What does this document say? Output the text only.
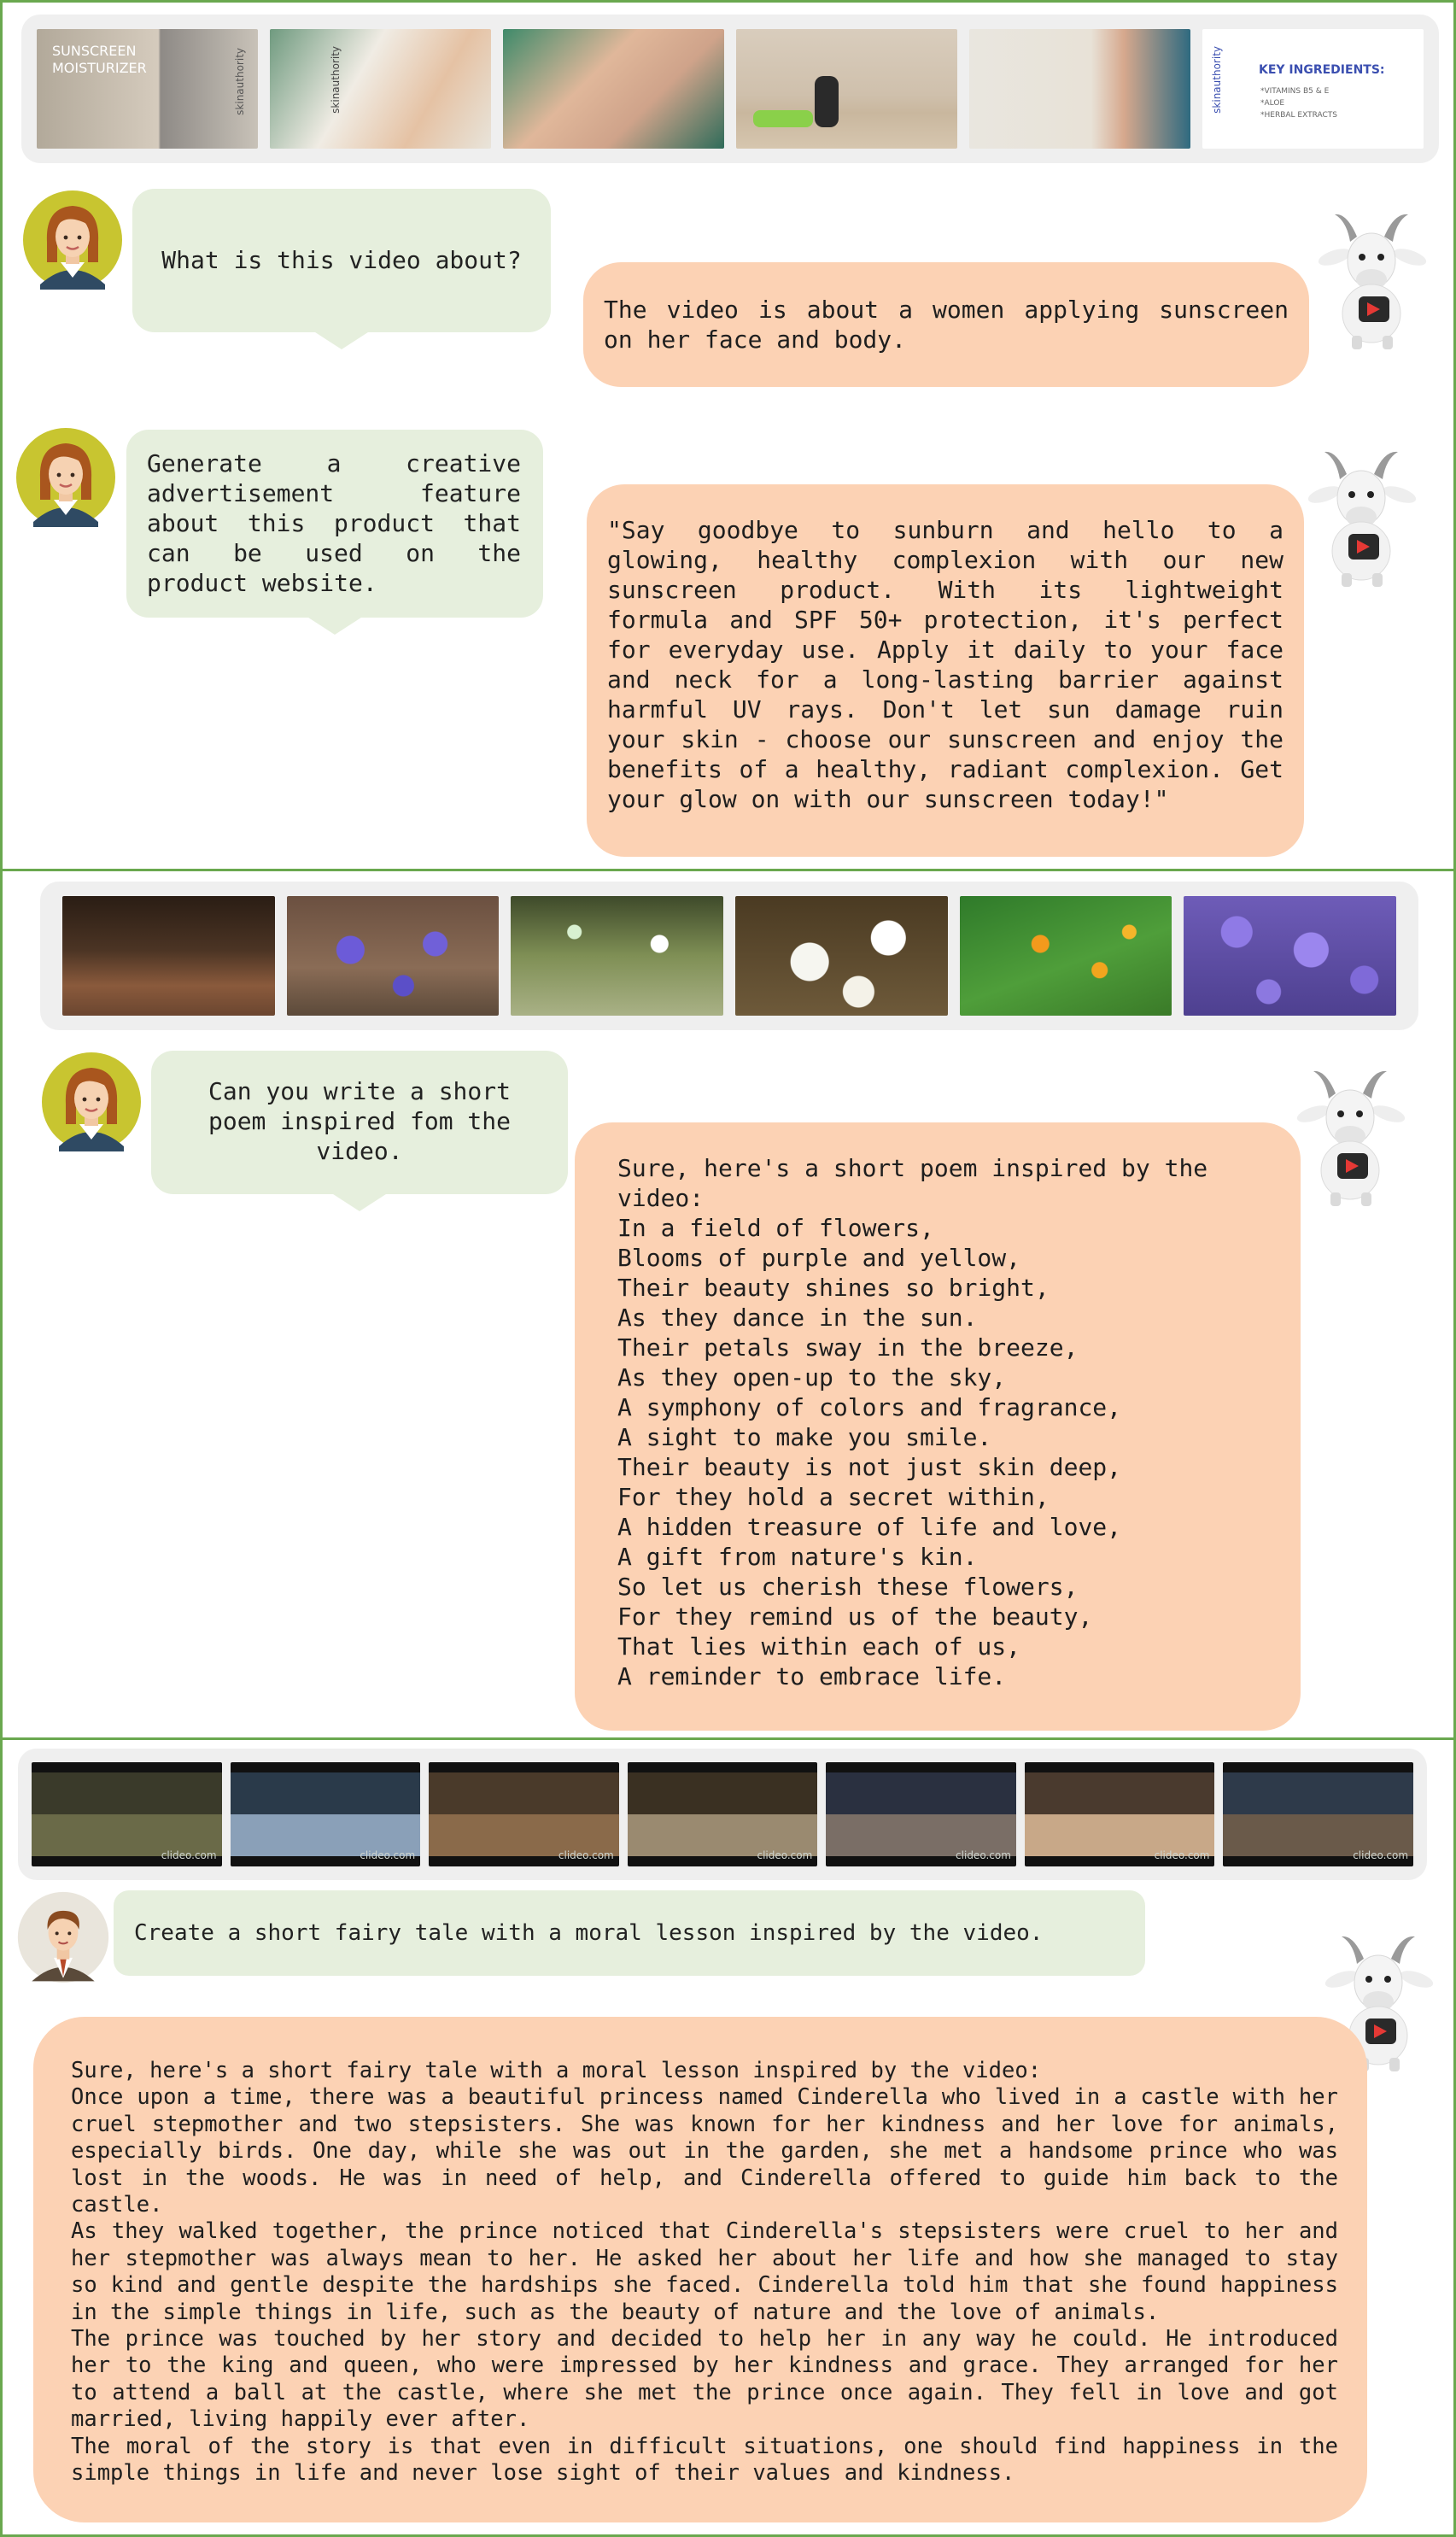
SUNSCREEN MOISTURIZER	skinauthority	skinauthority	skinauthority	KEY INGREDIENTS:
*VITAMINS B5 & E
*ALOE
*HERBAL EXTRACTS
What is this video about?
The video is about a women applying sunscreen on her face and body.
Generate a creative advertisement feature about this product that can be used on the product website.
"Say goodbye to sunburn and hello to a glowing, healthy complexion with our new sunscreen product. With its lightweight formula and SPF 50+ protection, it's perfect for everyday use. Apply it daily to your face and neck for a long-lasting barrier against harmful UV rays. Don't let sun damage ruin your skin - choose our sunscreen and enjoy the benefits of a healthy, radiant complexion. Get your glow on with our sunscreen today!"
Can you write a short poem inspired fom the video.
Sure, here's a short poem inspired by the
video:
In a field of flowers,
Blooms of purple and yellow,
Their beauty shines so bright,
As they dance in the sun.
Their petals sway in the breeze,
As they open-up to the sky,
A symphony of colors and fragrance,
A sight to make you smile.
Their beauty is not just skin deep,
For they hold a secret within,
A hidden treasure of life and love,
A gift from nature's kin.
So let us cherish these flowers,
For they remind us of the beauty,
That lies within each of us,
A reminder to embrace life.
clideo.com	clideo.com	clideo.com	clideo.com	clideo.com	clideo.com	clideo.com
Create a short fairy tale with a moral lesson inspired by the video.
Sure, here's a short fairy tale with a moral lesson inspired by the video:
Once upon a time, there was a beautiful princess named Cinderella who lived in a castle with her cruel stepmother and two stepsisters. She was known for her kindness and her love for animals, especially birds. One day, while she was out in the garden, she met a handsome prince who was lost in the woods. He was in need of help, and Cinderella offered to guide him back to the castle.
As they walked together, the prince noticed that Cinderella's stepsisters were cruel to her and her stepmother was always mean to her. He asked her about her life and how she managed to stay so kind and gentle despite the hardships she faced. Cinderella told him that she found happiness in the simple things in life, such as the beauty of nature and the love of animals.
The prince was touched by her story and decided to help her in any way he could. He introduced her to the king and queen, who were impressed by her kindness and grace. They arranged for her to attend a ball at the castle, where she met the prince once again. They fell in love and got married, living happily ever after.
The moral of the story is that even in difficult situations, one should find happiness in the simple things in life and never lose sight of their values and kindness.
